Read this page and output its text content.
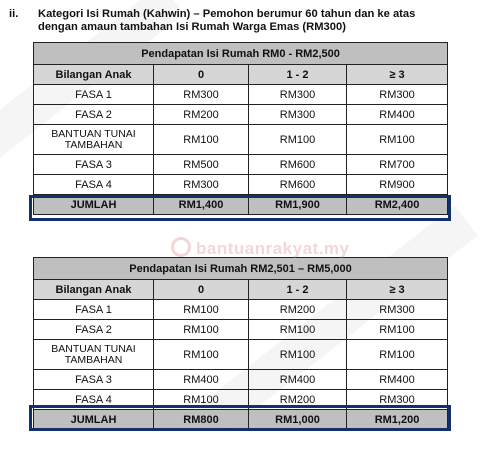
ii. Kategori Isi Rumah (Kahwin) – Pemohon berumur 60 tahun dan ke atas
dengan amaun tambahan Isi Rumah Warga Emas (RM300)
Pendapatan Isi Rumah RM0 - RM2,500			
Bilangan Anak	0	1 - 2	≥ 3
FASA 1	RM300	RM300	RM300
FASA 2	RM200	RM300	RM400
BANTUAN TUNAI TAMBAHAN	RM100	RM100	RM100
FASA 3	RM500	RM600	RM700
FASA 4	RM300	RM600	RM900
JUMLAH	RM1,400	RM1,900	RM2,400
Pendapatan Isi Rumah RM2,501 – RM5,000			
Bilangan Anak	0	1 - 2	≥ 3
FASA 1	RM100	RM200	RM300
FASA 2	RM100	RM100	RM100
BANTUAN TUNAI TAMBAHAN	RM100	RM100	RM100
FASA 3	RM400	RM400	RM400
FASA 4	RM100	RM200	RM300
JUMLAH	RM800	RM1,000	RM1,200
bantuanrakyat.my
